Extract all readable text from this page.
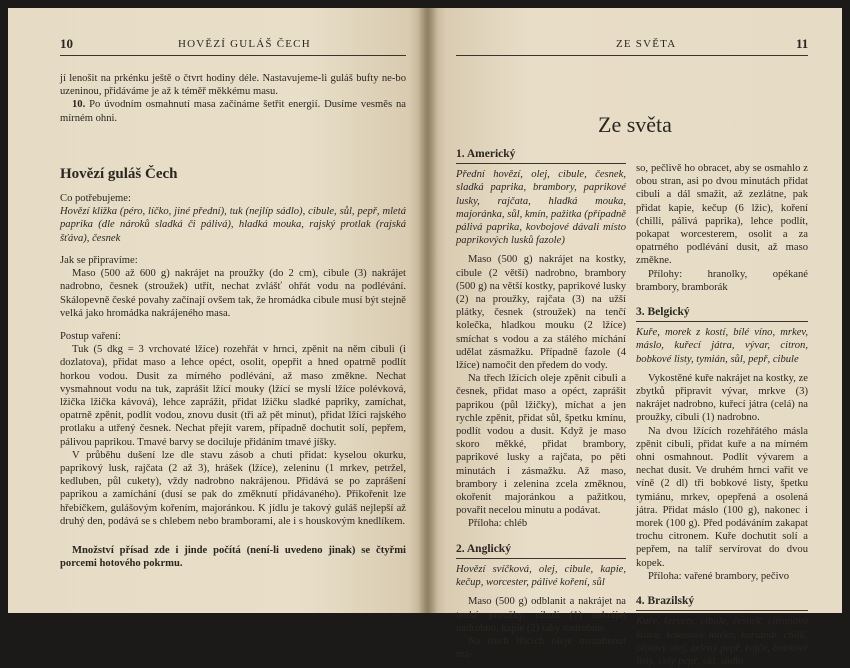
10	HOVĚZÍ GULÁŠ ČECH

jí lenošit na prkénku ještě o čtvrt hodiny déle. Nastavujeme-li guláš bufty ne-bo uzeninou, přidáváme je až k téměř měkkému masu.

10. Po úvodním osmahnutí masa začínáme šetřit energií. Dusíme vesměs na mírném ohni.

Hovězí guláš Čech

Co potřebujeme:

Hovězí kližka (péro, líčko, jiné přední), tuk (nejlíp sádlo), cibule, sůl, pepř, mletá paprika (dle nároků sladká či pálivá), hladká mouka, rajský protlak (rajská šťáva), česnek

Jak se připravíme:

Maso (500 až 600 g) nakrájet na proužky (do 2 cm), cibule (3) nakrájet nadrobno, česnek (stroužek) utřít, nechat zvlášť ohřát vodu na podlévání. Skálopevně české povahy začínají ovšem tak, že hromádka cibule musí být stejně velká jako hromádka nakrájeného masa.

Postup vaření:

Tuk (5 dkg = 3 vrchovaté lžíce) rozehřát v hrnci, zpěnit na něm cibuli (i dozlatova), přidat maso a lehce opéct, osolit, opepřit a hned opatrně podlít horkou vodou. Dusit za mírného podlévání, až maso změkne. Nechat vysmahnout vodu na tuk, zaprášit lžící mouky (lžící se myslí lžíce polévková, lžička lžička kávová), lehce zaprážit, přidat lžičku sladké papriky, zamíchat, opatrně zpěnit, podlít vodou, znovu dusit (tři až pět minut), přidat lžíci rajského protlaku a utřený česnek. Nechat přejít varem, případně dochutit solí, pepřem, pálivou paprikou. Tmavé barvy se dociluje přidáním tmavé jíšky.

V průběhu dušení lze dle stavu zásob a chuti přidat: kyselou okurku, paprikový lusk, rajčata (2 až 3), hrášek (lžíce), zeleninu (1 mrkev, petržel, kedluben, půl cukety), vždy nadrobno nakrájenou. Přidává se po zaprášení paprikou a zamíchání (dusí se pak do změknutí přidávaného). Přikořenit lze hřebíčkem, gulášovým kořením, majoránkou. K jídlu je takový guláš nejlepší až druhý den, podává se s chlebem nebo bramborami, ale i s houskovým knedlíkem.

Množství přísad zde i jinde počítá (není-li uvedeno jinak) se čtyřmi porcemi hotového pokrmu.
ZE SVĚTA	11
Ze světa
1. Americký

Přední hovězí, olej, cibule, česnek, sladká paprika, brambory, paprikové lusky, rajčata, hladká mouka, majoránka, sůl, kmín, pažitka (případně pálivá paprika, kovbojové dávali místo paprikových lusků fazole)

Maso (500 g) nakrájet na kostky, cibule (2 větší) nadrobno, brambory (500 g) na větší kostky, paprikové lusky (2) na proužky, rajčata (3) na užší plátky, česnek (stroužek) na tenčí kolečka, hladkou mouku (2 lžíce) smíchat s vodou a za stálého míchání udělat zásmažku. Případně fazole (4 lžíce) namočit den předem do vody.

Na třech lžících oleje zpěnit cibuli a česnek, přidat maso a opéct, zaprášit paprikou (půl lžičky), míchat a jen rychle zpěnit, přidat sůl, špetku kmínu, podlít vodou a dusit. Když je maso skoro měkké, přidat brambory, paprikové lusky a rajčata, po pěti minutách i zásmažku. Až maso, brambory i zelenina zcela změknou, okořenit majoránkou a pažitkou, povařit necelou minutu a podávat.

Příloha: chléb

2. Anglický

Hovězí svíčková, olej, cibule, kapie, kečup, worcester, pálivé koření, sůl

Maso (500 g) odblanit a nakrájet na tenké proužky, cibuli (1) nakrájet nadrobno, kapie (2) taky nadrobno.

Na třech lžících oleje osmahnout ma-

so, pečlivě ho obracet, aby se osmahlo z obou stran, asi po dvou minutách přidat cibuli a dál smažit, až zezlátne, pak přidat kapie, kečup (6 lžic), koření (chilli, pálivá paprika), lehce podlít, pokapat worcesterem, osolit a za opatrného podlévání dusit, až maso změkne.

Přílohy: hranolky, opékané brambory, bramborák

3. Belgický

Kuře, morek z kostí, bílé víno, mrkev, máslo, kuřecí játra, vývar, citron, bobkové listy, tymián, sůl, pepř, cibule

Vykostěné kuře nakrájet na kostky, ze zbytků připravit vývar, mrkve (3) nakrájet nadrobno, kuřecí játra (celá) na proužky, cibuli (1) nadrobno.

Na dvou lžících rozehřátého másla zpěnit cibuli, přidat kuře a na mírném ohni osmahnout. Podlít vývarem a nechat dusit. Ve druhém hrnci vařit ve víně (2 dl) tři bobkové listy, špetku tymiánu, mrkev, opepřená a osolená játra. Přidat máslo (100 g), nakonec i morek (100 g). Před podáváním zakapat trochu citronem. Kuře dochutit solí a pepřem, na talíř servírovat do dvou kopek.

Příloha: vařené brambory, pečivo

4. Brazilský

Kuře, krevety, cibule, česnek, citronová šťáva, kokosové mléko, koriandr, chilli, olivový olej, zelený pepř, rajče, bobkové listy, celý pepř, sůl, sádlo
